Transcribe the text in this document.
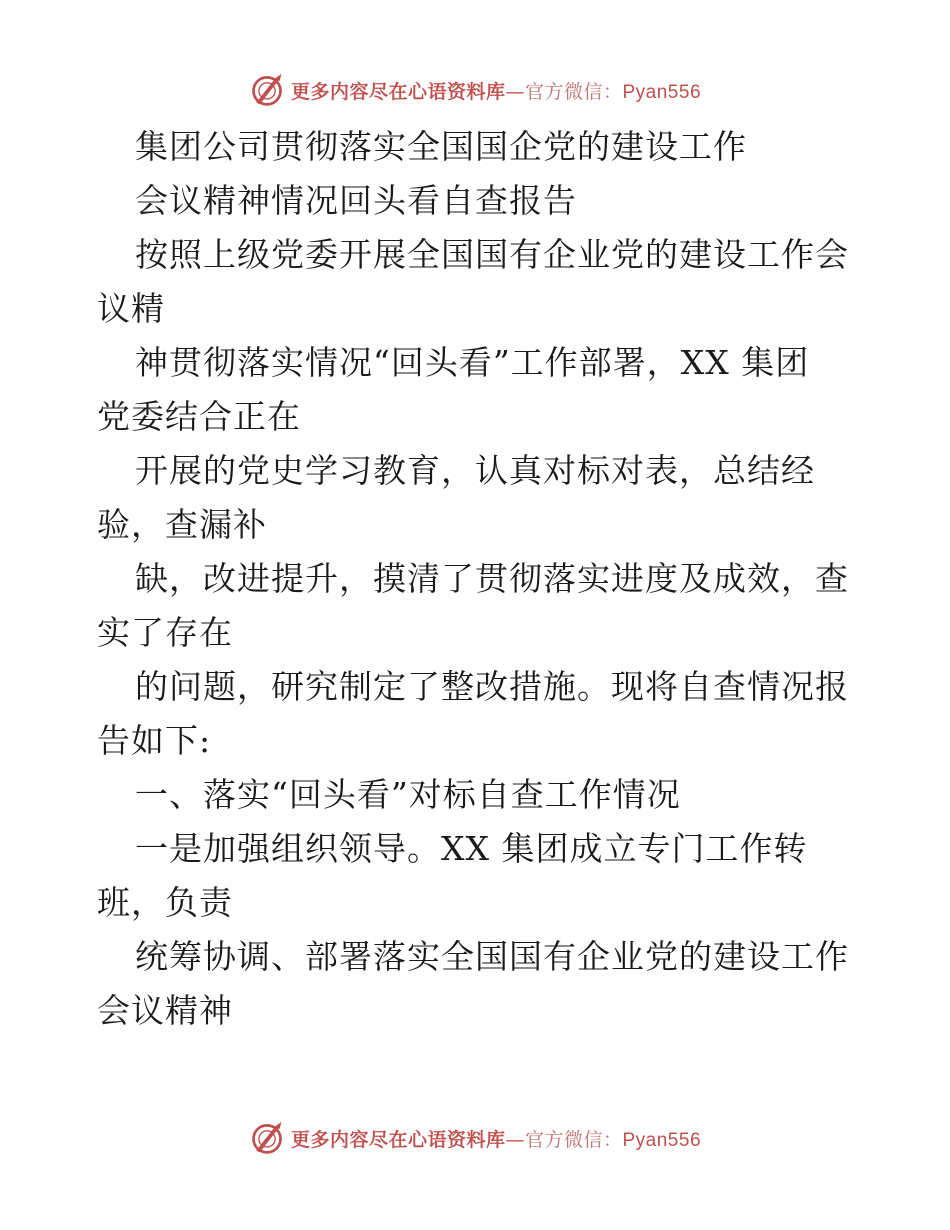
更多内容尽在心语资料库—官方微信：Pyan556
集团公司贯彻落实全国国企党的建设工作
会议精神情况回头看自查报告
按照上级党委开展全国国有企业党的建设工作会
议精
神贯彻落实情况“回头看”工作部署，XX 集团
党委结合正在
开展的党史学习教育，认真对标对表，总结经
验，查漏补
缺，改进提升，摸清了贯彻落实进度及成效，查
实了存在
的问题，研究制定了整改措施。现将自查情况报
告如下:
一、落实“回头看”对标自查工作情况
一是加强组织领导。XX 集团成立专门工作转
班，负责
统筹协调、部署落实全国国有企业党的建设工作
会议精神
更多内容尽在心语资料库—官方微信：Pyan556
